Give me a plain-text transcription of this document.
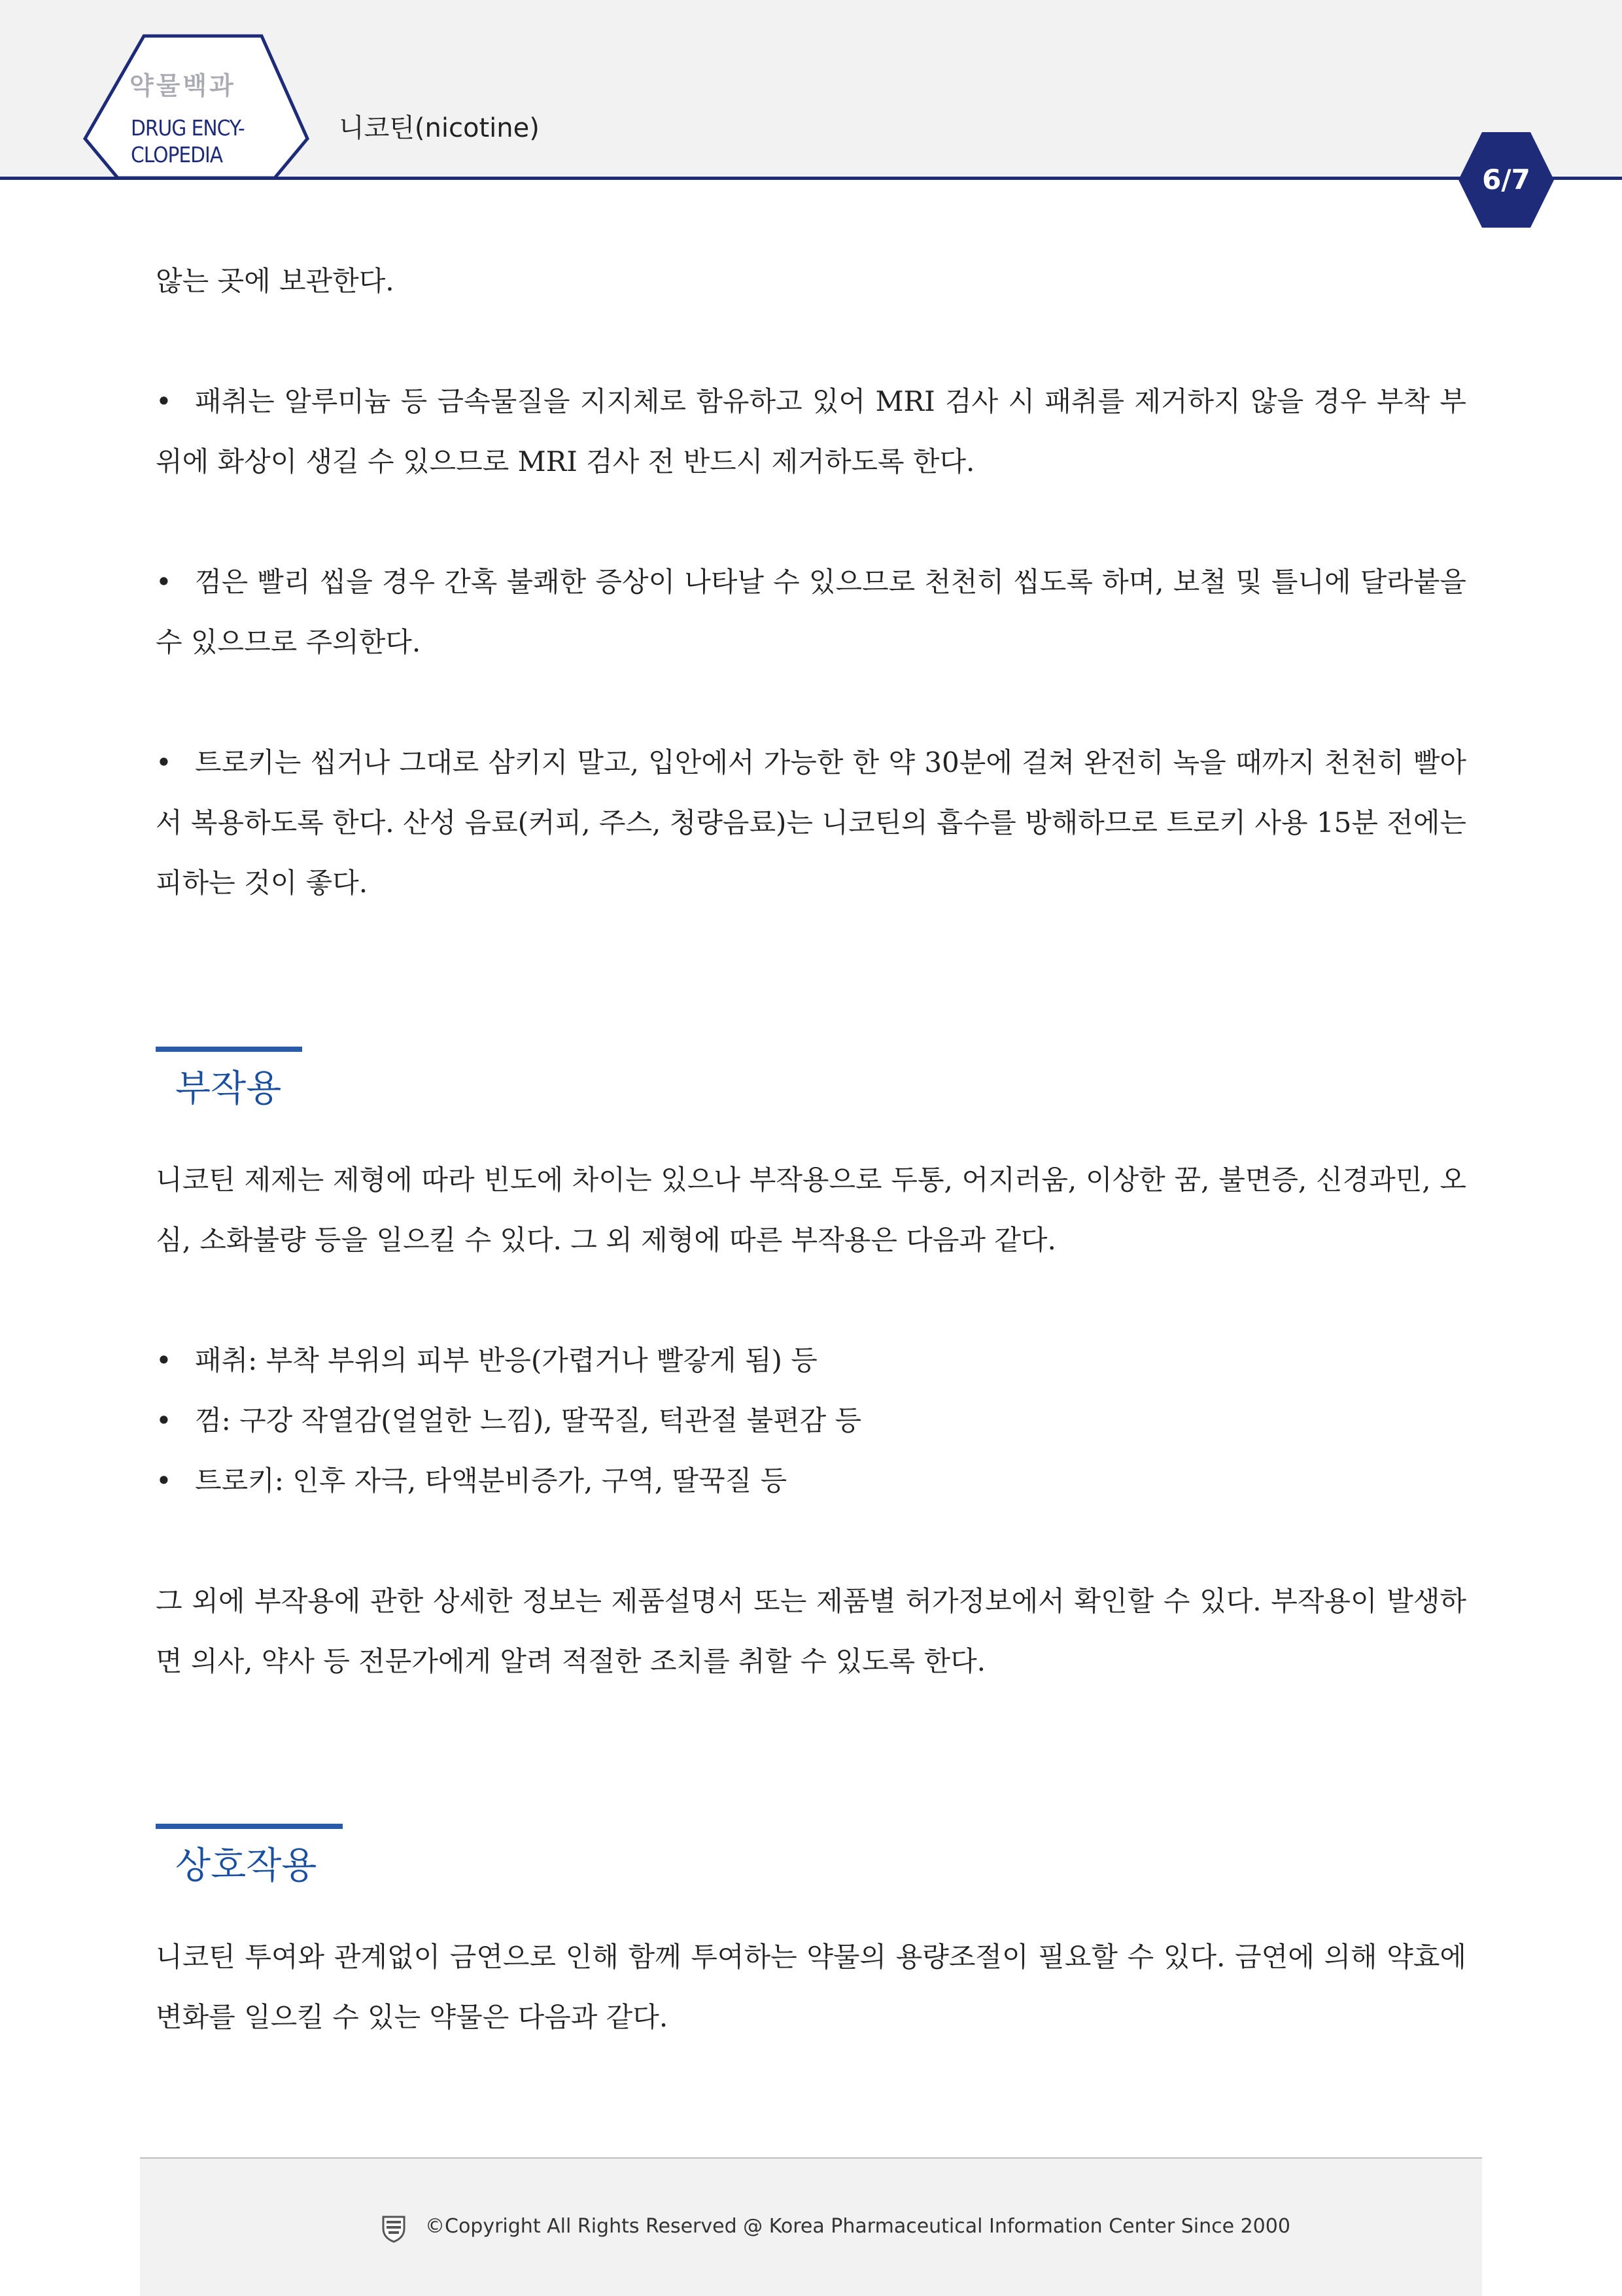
약물백과
DRUG ENCY-
CLOPEDIA
니코틴(nicotine)
6/7
않는 곳에 보관한다.
• 패취는 알루미늄 등 금속물질을 지지체로 함유하고 있어 MRI 검사 시 패취를 제거하지 않을 경우 부착 부위에 화상이 생길 수 있으므로 MRI 검사 전 반드시 제거하도록 한다.
• 껌은 빨리 씹을 경우 간혹 불쾌한 증상이 나타날 수 있으므로 천천히 씹도록 하며, 보철 및 틀니에 달라붙을 수 있으므로 주의한다.
• 트로키는 씹거나 그대로 삼키지 말고, 입안에서 가능한 한 약 30분에 걸쳐 완전히 녹을 때까지 천천히 빨아서 복용하도록 한다. 산성 음료(커피, 주스, 청량음료)는 니코틴의 흡수를 방해하므로 트로키 사용 15분 전에는 피하는 것이 좋다.
부작용
니코틴 제제는 제형에 따라 빈도에 차이는 있으나 부작용으로 두통, 어지러움, 이상한 꿈, 불면증, 신경과민, 오심, 소화불량 등을 일으킬 수 있다. 그 외 제형에 따른 부작용은 다음과 같다.
• 패취: 부착 부위의 피부 반응(가렵거나 빨갛게 됨) 등
• 껌: 구강 작열감(얼얼한 느낌), 딸꾹질, 턱관절 불편감 등
• 트로키: 인후 자극, 타액분비증가, 구역, 딸꾹질 등
그 외에 부작용에 관한 상세한 정보는 제품설명서 또는 제품별 허가정보에서 확인할 수 있다. 부작용이 발생하면 의사, 약사 등 전문가에게 알려 적절한 조치를 취할 수 있도록 한다.
상호작용
니코틴 투여와 관계없이 금연으로 인해 함께 투여하는 약물의 용량조절이 필요할 수 있다. 금연에 의해 약효에 변화를 일으킬 수 있는 약물은 다음과 같다.
©Copyright All Rights Reserved @ Korea Pharmaceutical Information Center Since 2000
